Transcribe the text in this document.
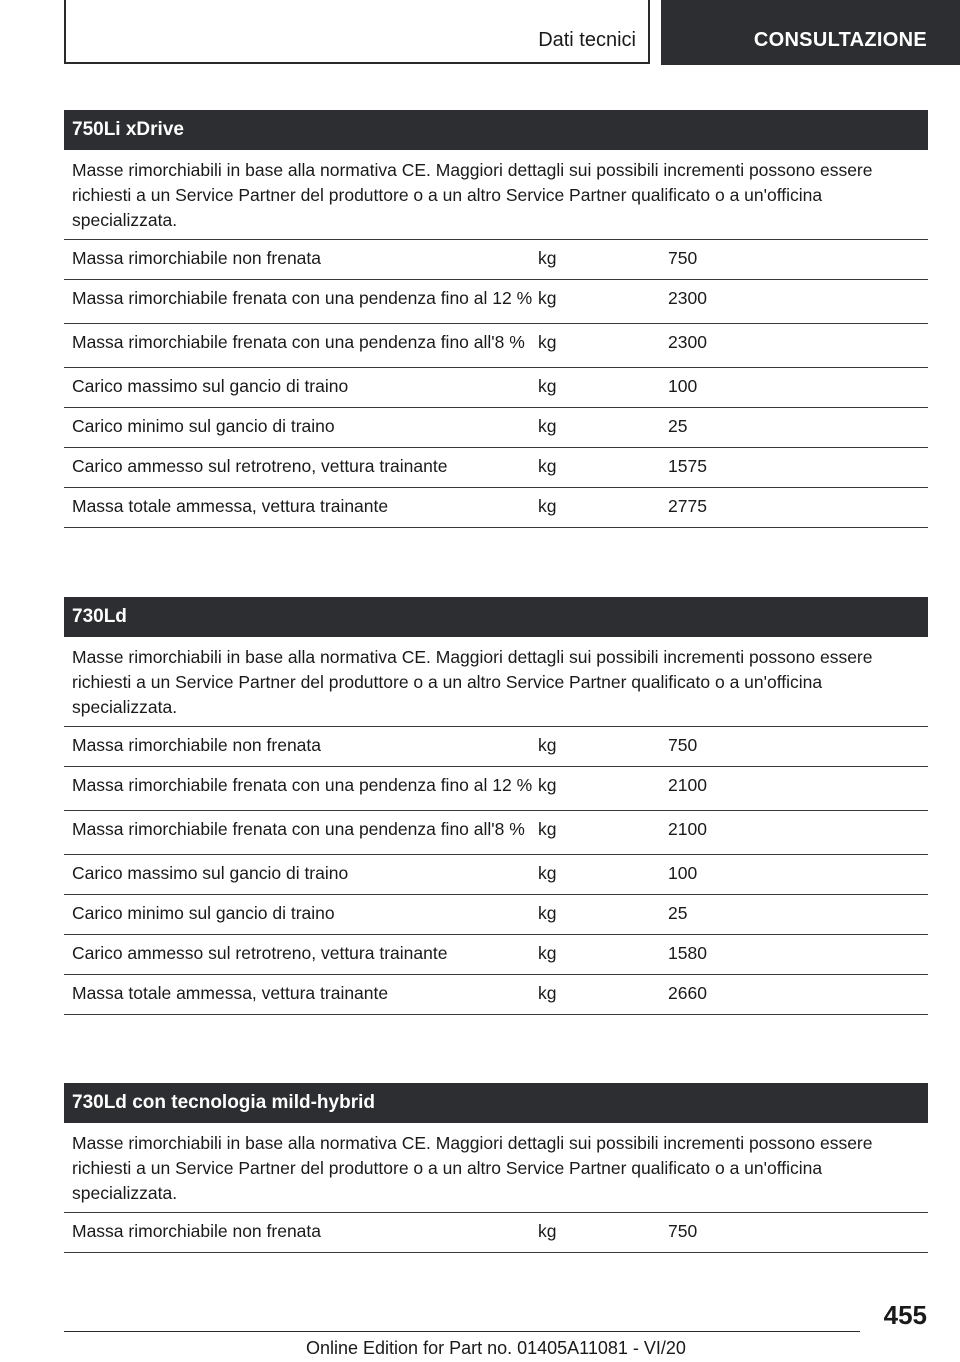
Dati tecnici	CONSULTAZIONE
750Li xDrive
Masse rimorchiabili in base alla normativa CE. Maggiori dettagli sui possibili incrementi possono essere richiesti a un Service Partner del produttore o a un altro Service Partner qualificato o a un'officina specializzata.
Massa rimorchiabile non frenata	kg	750
Massa rimorchiabile frenata con una pendenza fino al 12 % kg	2300
Massa rimorchiabile frenata con una pendenza fino all'8 % kg	2300
Carico massimo sul gancio di traino	kg	100
Carico minimo sul gancio di traino	kg	25
Carico ammesso sul retrotreno, vettura trainante	kg	1575
Massa totale ammessa, vettura trainante	kg	2775
730Ld
Masse rimorchiabili in base alla normativa CE. Maggiori dettagli sui possibili incrementi possono essere richiesti a un Service Partner del produttore o a un altro Service Partner qualificato o a un'officina specializzata.
Massa rimorchiabile non frenata	kg	750
Massa rimorchiabile frenata con una pendenza fino al 12 % kg	2100
Massa rimorchiabile frenata con una pendenza fino all'8 % kg	2100
Carico massimo sul gancio di traino	kg	100
Carico minimo sul gancio di traino	kg	25
Carico ammesso sul retrotreno, vettura trainante	kg	1580
Massa totale ammessa, vettura trainante	kg	2660
730Ld con tecnologia mild-hybrid
Masse rimorchiabili in base alla normativa CE. Maggiori dettagli sui possibili incrementi possono essere richiesti a un Service Partner del produttore o a un altro Service Partner qualificato o a un'officina specializzata.
Massa rimorchiabile non frenata	kg	750
455
Online Edition for Part no. 01405A11081 - VI/20
